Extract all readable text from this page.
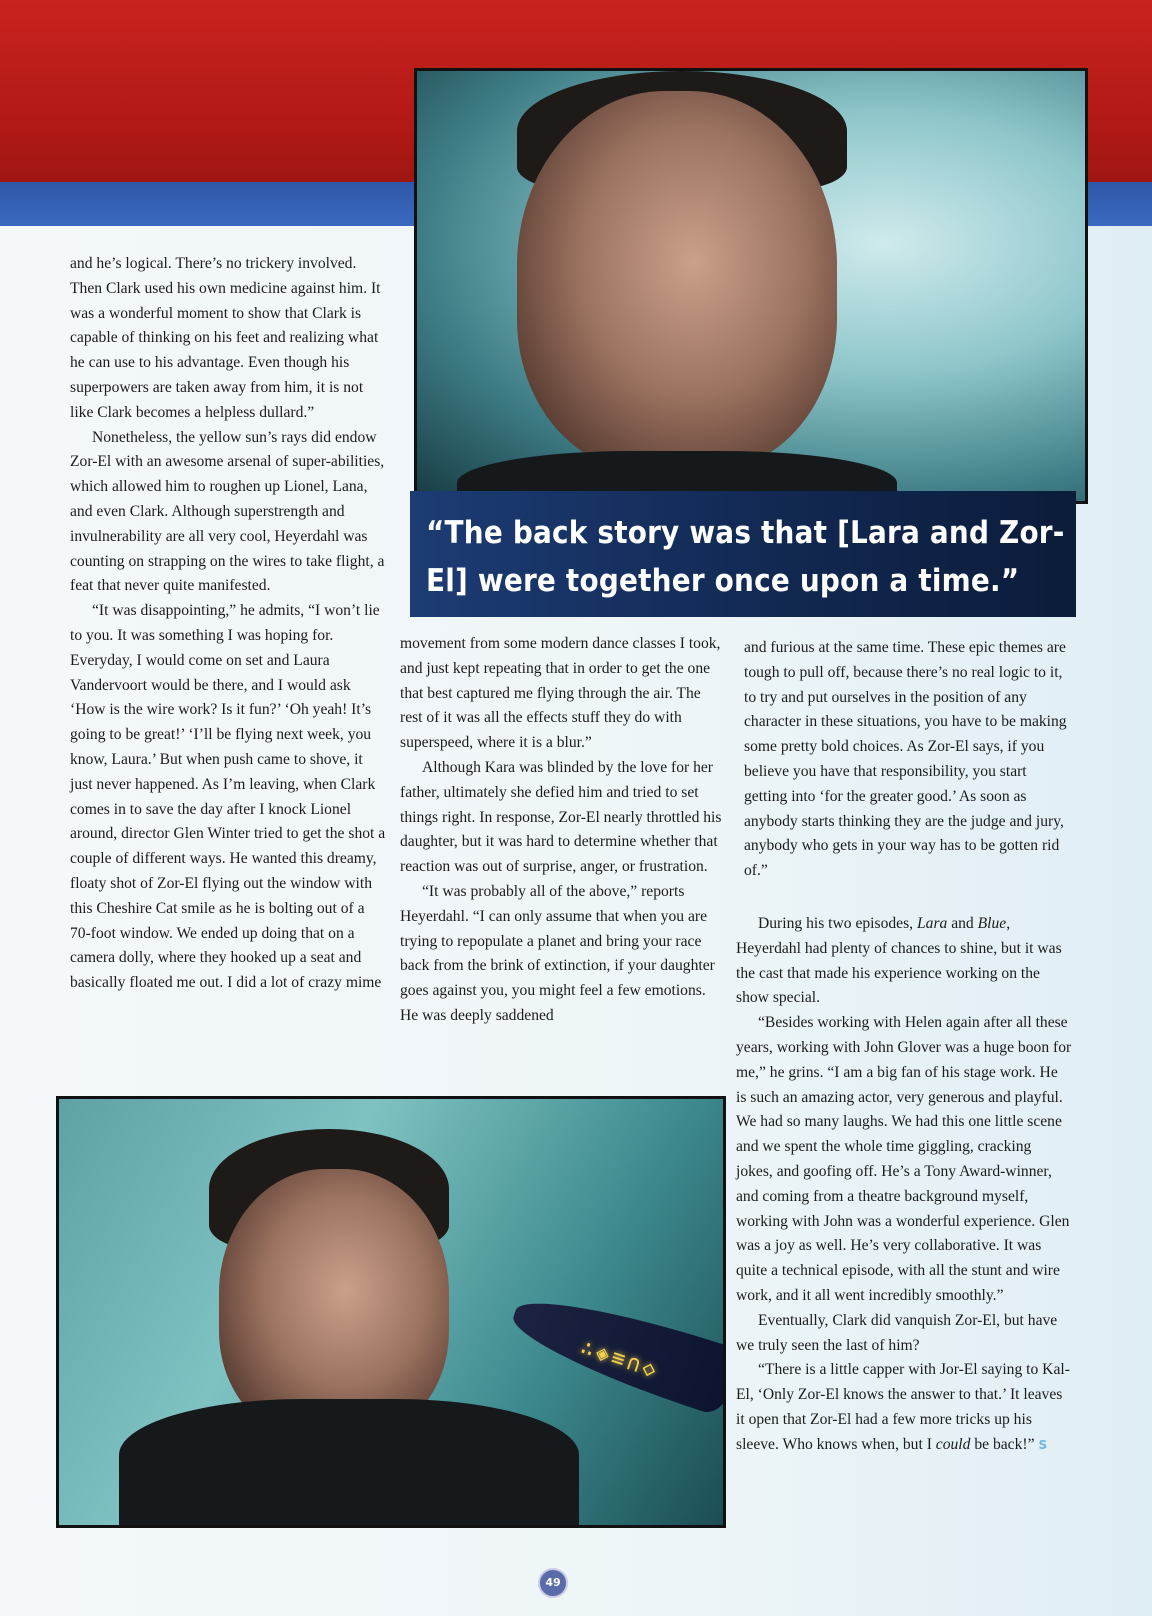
“The back story was that [Lara and Zor-El] were together once upon a time.”

and he’s logical. There’s no trickery involved. Then Clark used his own medicine against him. It was a wonderful moment to show that Clark is capable of thinking on his feet and realizing what he can use to his advantage. Even though his superpowers are taken away from him, it is not like Clark becomes a helpless dullard.”

Nonetheless, the yellow sun’s rays did endow Zor-El with an awesome arsenal of super-abilities, which allowed him to roughen up Lionel, Lana, and even Clark. Although superstrength and invulnerability are all very cool, Heyerdahl was counting on strapping on the wires to take flight, a feat that never quite manifested.

“It was disappointing,” he admits, “I won’t lie to you. It was something I was hoping for. Everyday, I would come on set and Laura Vandervoort would be there, and I would ask ‘How is the wire work? Is it fun?’ ‘Oh yeah! It’s going to be great!’ ‘I’ll be flying next week, you know, Laura.’ But when push came to shove, it just never happened. As I’m leaving, when Clark comes in to save the day after I knock Lionel around, director Glen Winter tried to get the shot a couple of different ways. He wanted this dreamy, floaty shot of Zor-El flying out the window with this Cheshire Cat smile as he is bolting out of a 70-foot window. We ended up doing that on a camera dolly, where they hooked up a seat and basically floated me out. I did a lot of crazy mime

movement from some modern dance classes I took, and just kept repeating that in order to get the one that best captured me flying through the air. The rest of it was all the effects stuff they do with superspeed, where it is a blur.”

Although Kara was blinded by the love for her father, ultimately she defied him and tried to set things right. In response, Zor-El nearly throttled his daughter, but it was hard to determine whether that reaction was out of surprise, anger, or frustration.

“It was probably all of the above,” reports Heyerdahl. “I can only assume that when you are trying to repopulate a planet and bring your race back from the brink of extinction, if your daughter goes against you, you might feel a few emotions. He was deeply saddened

and furious at the same time. These epic themes are tough to pull off, because there’s no real logic to it, to try and put ourselves in the position of any character in these situations, you have to be making some pretty bold choices. As Zor-El says, if you believe you have that responsibility, you start getting into ‘for the greater good.’ As soon as anybody starts thinking they are the judge and jury, anybody who gets in your way has to be gotten rid of.”

During his two episodes, Lara and Blue, Heyerdahl had plenty of chances to shine, but it was the cast that made his experience working on the show special.

“Besides working with Helen again after all these years, working with John Glover was a huge boon for me,” he grins. “I am a big fan of his stage work. He is such an amazing actor, very generous and playful. We had so many laughs. We had this one little scene and we spent the whole time giggling, cracking jokes, and goofing off. He’s a Tony Award-winner, and coming from a theatre background myself, working with John was a wonderful experience. Glen was a joy as well. He’s very collaborative. It was quite a technical episode, with all the stunt and wire work, and it all went incredibly smoothly.”

Eventually, Clark did vanquish Zor-El, but have we truly seen the last of him?

“There is a little capper with Jor-El saying to Kal-El, ‘Only Zor-El knows the answer to that.’ It leaves it open that Zor-El had a few more tricks up his sleeve. Who knows when, but I could be back!” S

∴◈≡∩◇
49
